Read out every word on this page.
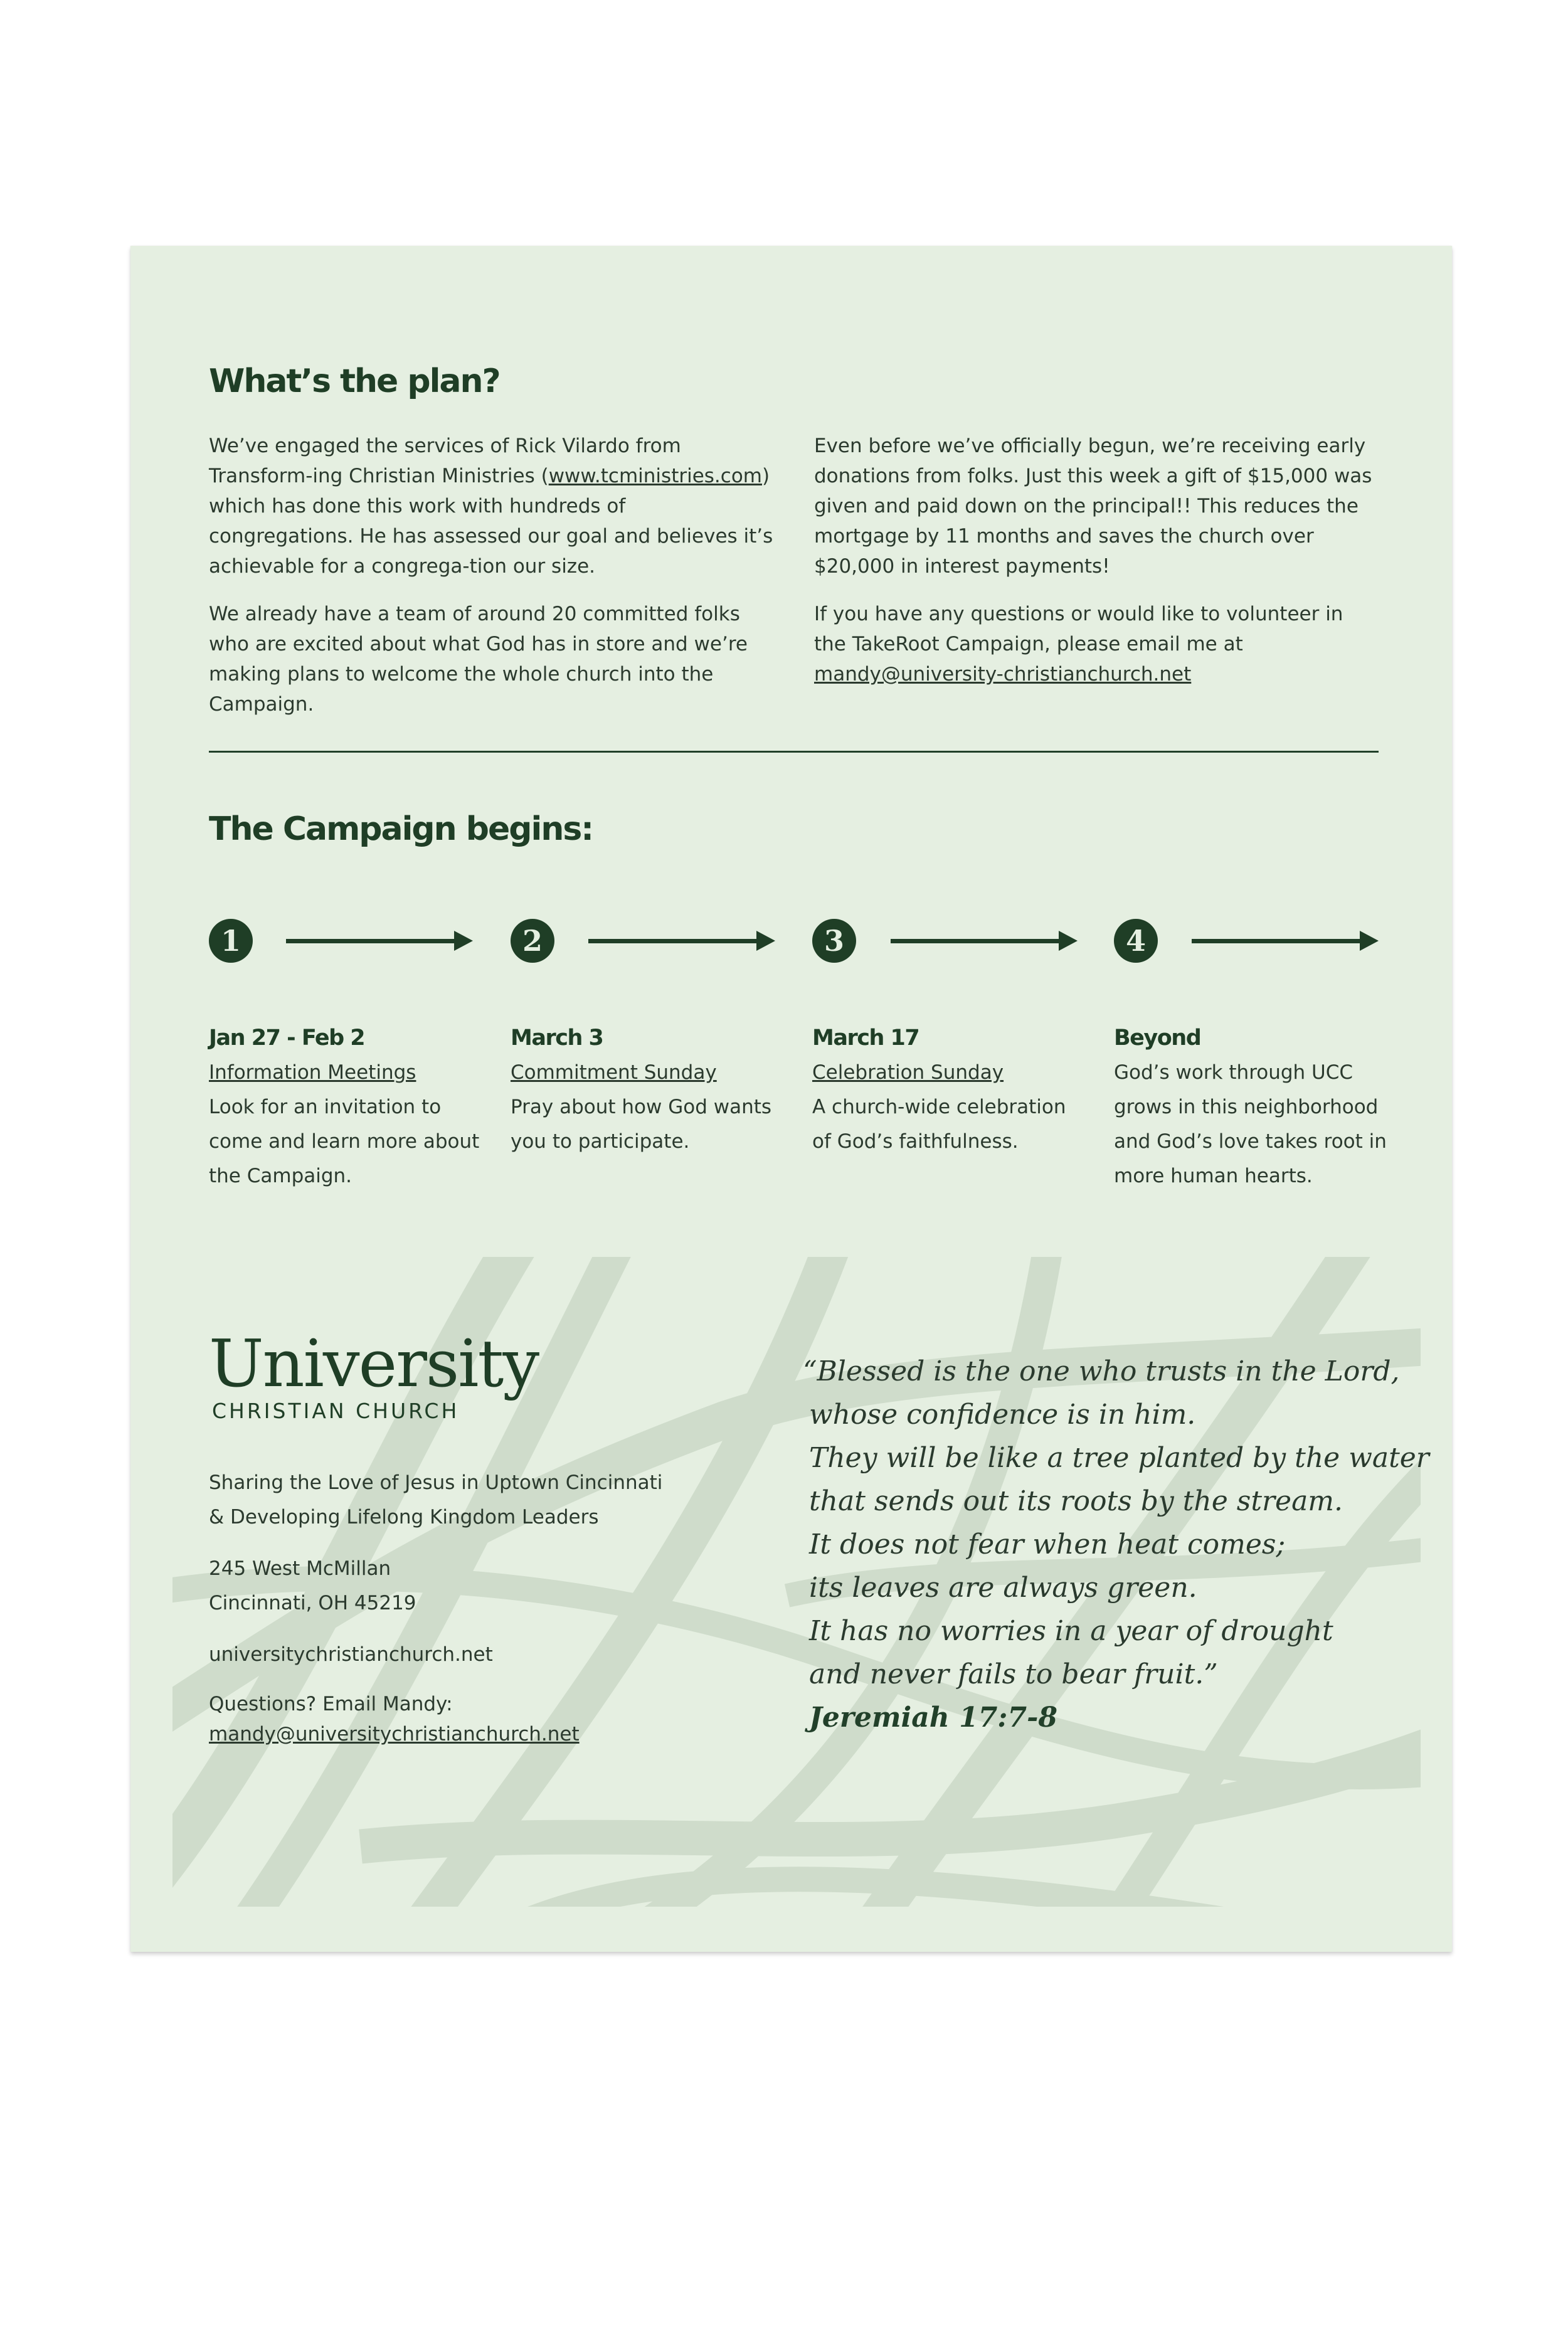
What’s the plan?

We’ve engaged the services of Rick Vilardo from Transform-ing Christian Ministries (www.tcministries.com) which has done this work with hundreds of congregations. He has assessed our goal and believes it’s achievable for a congrega-tion our size.

We already have a team of around 20 committed folks who are excited about what God has in store and we’re making plans to welcome the whole church into the Campaign.

Even before we’ve officially begun, we’re receiving early donations from folks. Just this week a gift of $15,000 was given and paid down on the principal!! This reduces the mortgage by 11 months and saves the church over $20,000 in interest payments!

If you have any questions or would like to volunteer in the TakeRoot Campaign, please email me at mandy@university-christianchurch.net

The Campaign begins:
1	2	3	4
Jan 27 - Feb 2
Information Meetings
Look for an invitation to come and learn more about the Campaign.
March 3
Commitment Sunday
Pray about how God wants you to participate.
March 17
Celebration Sunday
A church-wide celebration of God’s faithfulness.
Beyond
God’s work through UCC grows in this neighborhood and God’s love takes root in more human hearts.
University
CHRISTIAN CHURCH

Sharing the Love of Jesus in Uptown Cincinnati
& Developing Lifelong Kingdom Leaders

245 West McMillan
Cincinnati, OH 45219

universitychristianchurch.net

Questions? Email Mandy:
mandy@universitychristianchurch.net

“Blessed is the one who trusts in the Lord,
whose confidence is in him.
They will be like a tree planted by the water
that sends out its roots by the stream.
It does not fear when heat comes;
its leaves are always green.
It has no worries in a year of drought
and never fails to bear fruit.”
Jeremiah 17:7-8
